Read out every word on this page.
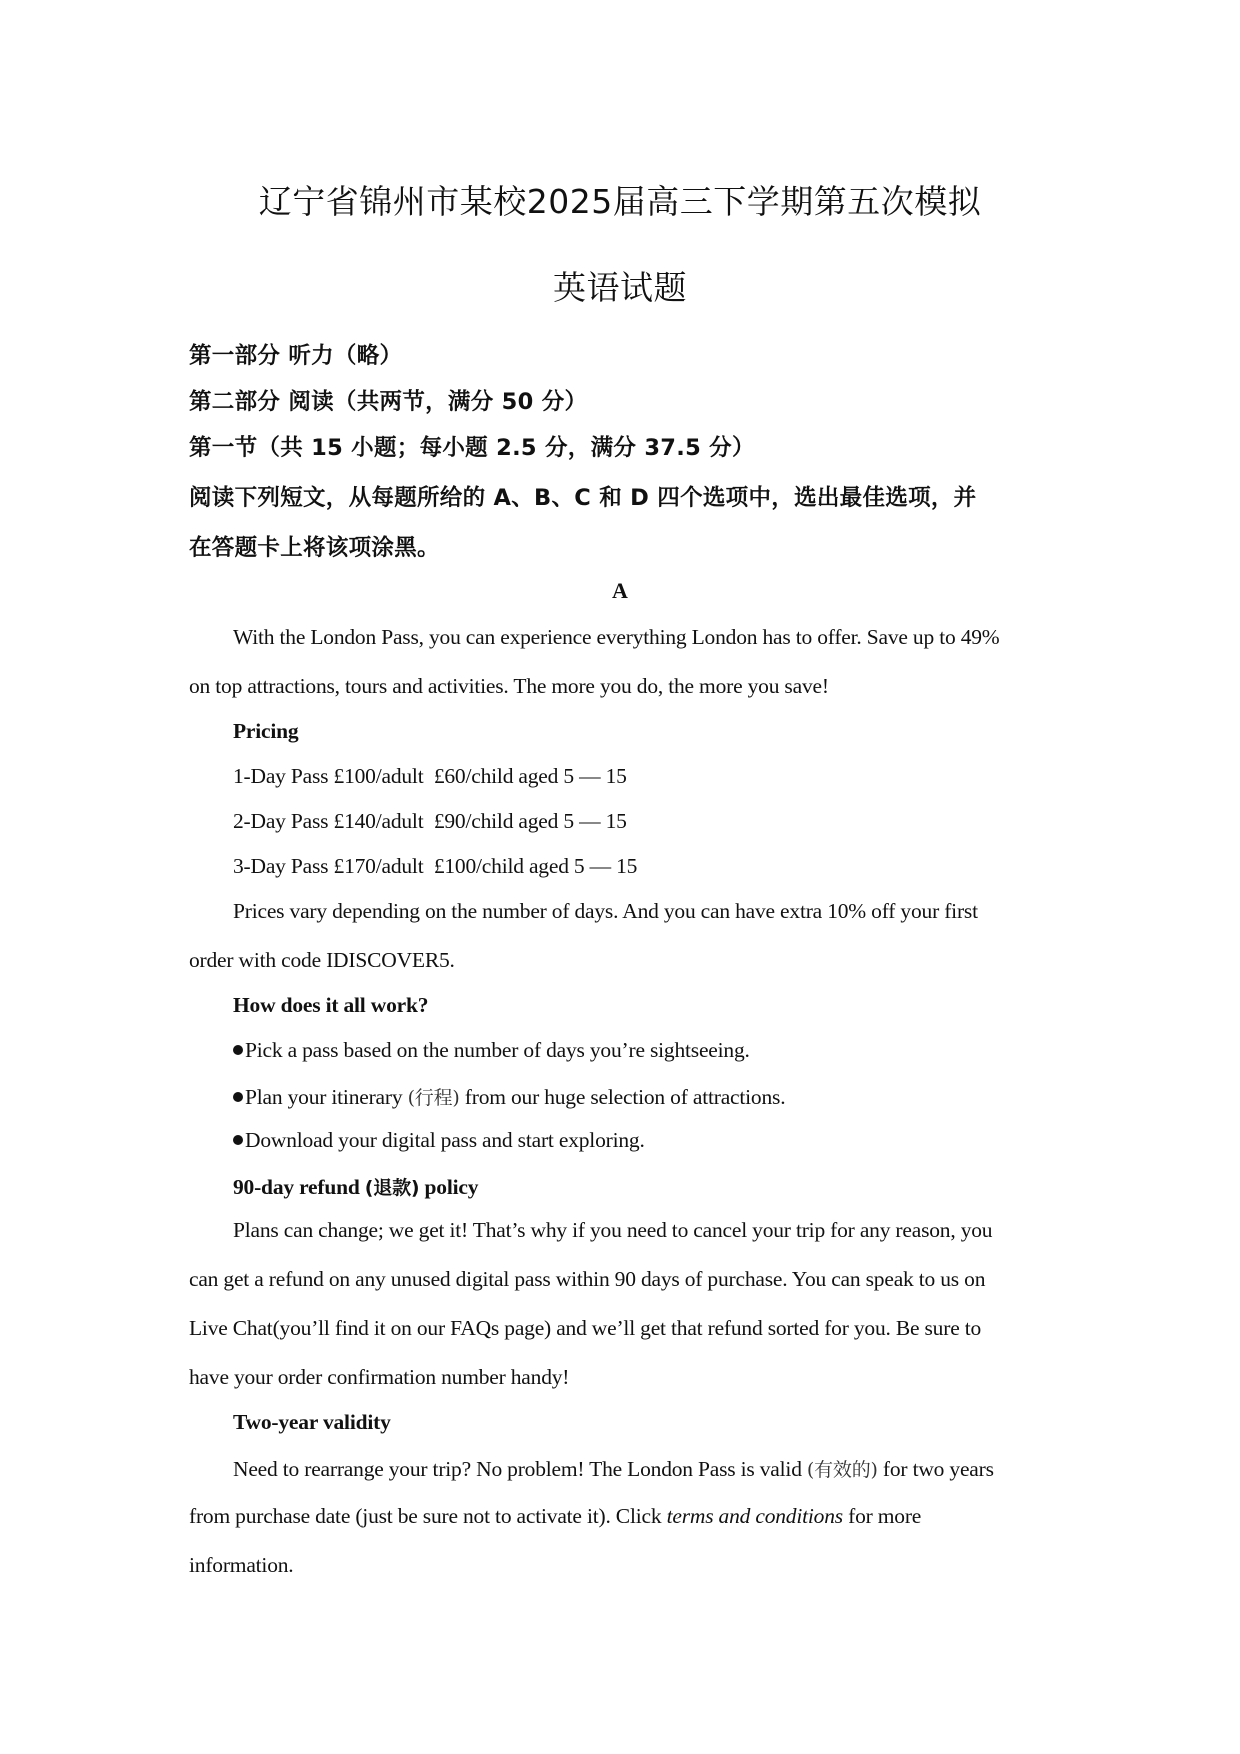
辽宁省锦州市某校2025届高三下学期第五次模拟
英语试题
第一部分 听力（略）
第二部分 阅读（共两节，满分 50 分）
第一节（共 15 小题；每小题 2.5 分，满分 37.5 分）
阅读下列短文，从每题所给的 A、B、C 和 D 四个选项中，选出最佳选项，并
在答题卡上将该项涂黑。
A
With the London Pass, you can experience everything London has to offer. Save up to 49%
on top attractions, tours and activities. The more you do, the more you save!
Pricing
1-Day Pass £100/adult  £60/child aged 5 — 15
2-Day Pass £140/adult  £90/child aged 5 — 15
3-Day Pass £170/adult  £100/child aged 5 — 15
Prices vary depending on the number of days. And you can have extra 10% off your first
order with code IDISCOVER5.
How does it all work?
Pick a pass based on the number of days you’re sightseeing.
Plan your itinerary (行程) from our huge selection of attractions.
Download your digital pass and start exploring.
90-day refund (退款) policy
Plans can change; we get it! That’s why if you need to cancel your trip for any reason, you
can get a refund on any unused digital pass within 90 days of purchase. You can speak to us on
Live Chat(you’ll find it on our FAQs page) and we’ll get that refund sorted for you. Be sure to
have your order confirmation number handy!
Two-year validity
Need to rearrange your trip? No problem! The London Pass is valid (有效的) for two years
from purchase date (just be sure not to activate it). Click terms and conditions for more
information.
